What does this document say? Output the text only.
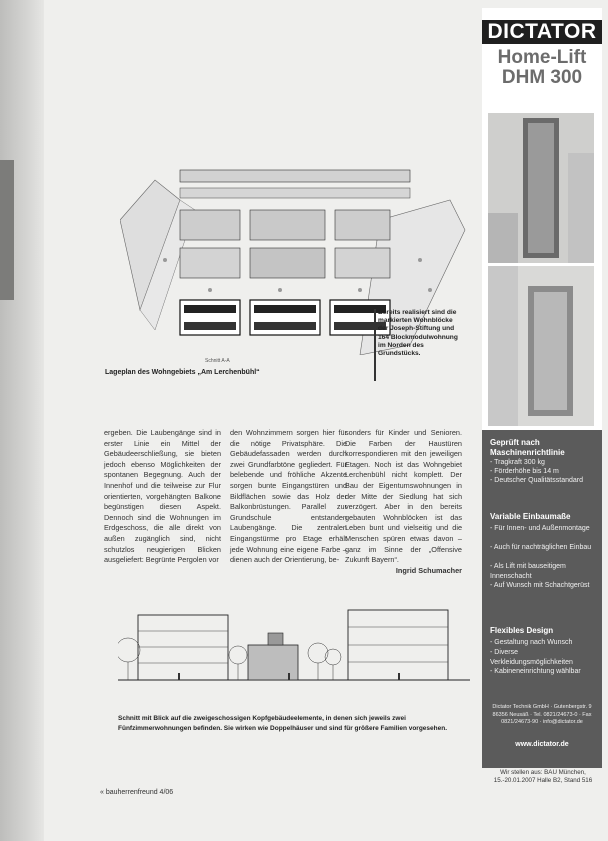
Schnitt A-A
Lageplan des Wohngebiets „Am Lerchenbühl“
Bereits realisiert sind die markierten Wohnblöcke der Joseph-Stiftung und 164 Blockmodulwohnung im Norden des Grundstücks.

ergeben. Die Laubengänge sind in erster Linie ein Mittel der Gebäudeerschließung, sie bieten jedoch ebenso Möglichkeiten der spontanen Begegnung. Auch der Innenhof und die teilweise zur Flur orientierten, vorgehängten Balkone begünstigen diesen Aspekt. Dennoch sind die Wohnungen im Erdgeschoss, die alle direkt von außen zugänglich sind, nicht schutzlos neugierigen Blicken ausgeliefert: Begrünte Pergolen vor

den Wohnzimmern sorgen hier für die nötige Privatsphäre. Die Gebäudefassaden werden durch zwei Grundfarbtöne gegliedert. Für belebende und fröhliche Akzente sorgen bunte Eingangstüren und Bildflächen sowie das Holz der Balkonbrüstungen. Parallel zur Grundschule entstanden Laubengänge. Die zentralen Eingangstürme pro Etage erhält jede Wohnung eine eigene Farbe – dienen auch der Orientierung, be-

sonders für Kinder und Senioren. Die Farben der Haustüren korrespondieren mit den jeweiligen Etagen. Noch ist das Wohngebiet Lerchenbühl nicht komplett. Der Bau der Eigentumswohnungen in der Mitte der Siedlung hat sich verzögert. Aber in den bereits gebauten Wohnblöcken ist das Leben bunt und vielseitig und die Menschen spüren etwas davon – ganz im Sinne der „Offensive Zukunft Bayern“.

Ingrid Schumacher

Schnitt mit Blick auf die zweigeschossigen Kopfgebäudeelemente, in denen sich jeweils zwei Fünfzimmerwohnungen befinden. Sie wirken wie Doppelhäuser und sind für größere Familien vorgesehen.
« bauherrenfreund 4/06
Wir stellen aus: BAU München, 15.-20.01.2007 Halle B2, Stand 516
DICTATOR
Home-Lift DHM 300
Geprüft nach Maschinenrichtlinie
- Tragkraft 300 kg
- Förderhöhe bis 14 m
- Deutscher Qualitätsstandard
Variable Einbaumaße
- Für Innen- und Außenmontage
- Auch für nachträglichen Einbau
- Als Lift mit bauseitigem Innenschacht
- Auf Wunsch mit Schachtgerüst
Flexibles Design
- Gestaltung nach Wunsch
- Diverse Verkleidungsmöglichkeiten
- Kabineneinrichtung wählbar
Dictator Technik GmbH · Gutenbergstr. 9 86356 Neusäß · Tel. 0821/24673-0 · Fax 0821/24673-90 · info@dictator.de
www.dictator.de
